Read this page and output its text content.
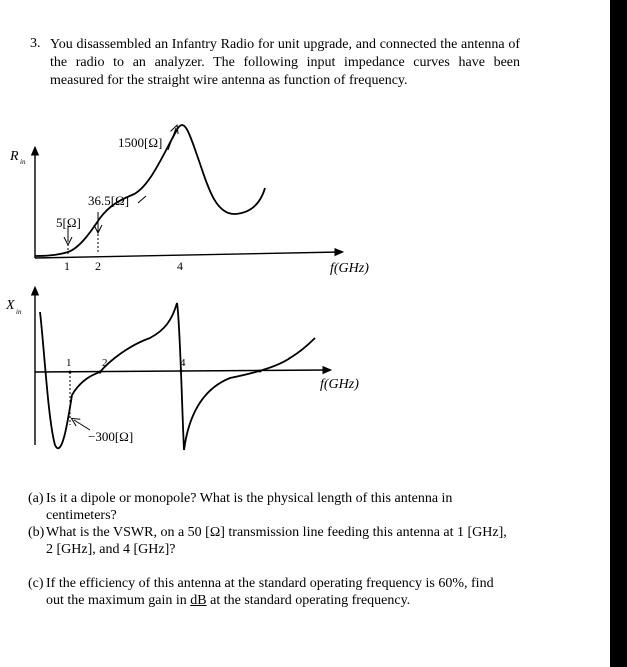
3. You disassembled an Infantry Radio for unit upgrade, and connected the antenna of the radio to an analyzer. The following input impedance curves have been measured for the straight wire antenna as function of frequency.
R in
1500[Ω]
36.5[Ω]
5[Ω]
1 2	4	f(GHz)
X in
1	2	4
−300[Ω]
f(GHz)
(a) Is it a dipole or monopole? What is the physical length of this antenna in
centimeters?
(b) What is the VSWR, on a 50 [Ω] transmission line feeding this antenna at 1 [GHz],
2 [GHz], and 4 [GHz]?
(c) If the efficiency of this antenna at the standard operating frequency is 60%, find
out the maximum gain in dB at the standard operating frequency.
